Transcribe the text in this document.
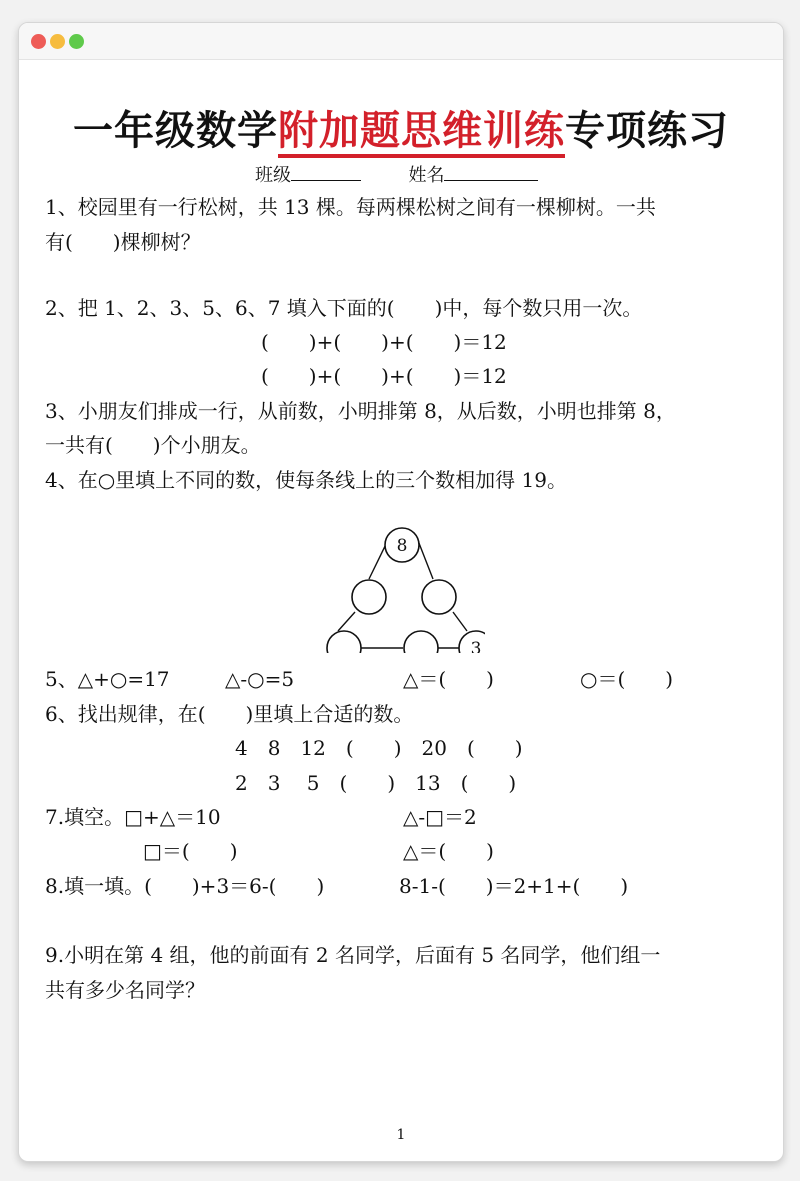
一年级数学附加题思维训练专项练习
班级	姓名
1、校园里有一行松树，共 13 棵。每两棵松树之间有一棵柳树。一共
有(　　)棵柳树？
2、把 1、2、3、5、6、7 填入下面的(　　)中，每个数只用一次。
(　　)+(　　)+(　　)＝12
(　　)+(　　)+(　　)＝12
3、小朋友们排成一行，从前数，小明排第 8，从后数，小明也排第 8，
一共有(　　)个小朋友。
4、在○里填上不同的数，使每条线上的三个数相加得 19。
8
3
5、△+○=17	△-○=5	△＝(　　)	○＝(　　)
6、找出规律，在(　　)里填上合适的数。
4　8　12　(　　)　20　(　　)
2　3　 5　(　　)　13　(　　)
7.填空。□+△＝10	△-□＝2
□＝(　　)	△＝(　　)
8.填一填。(　　)+3＝6-(　　)	8-1-(　　)＝2+1+(　　)
9.小明在第 4 组，他的前面有 2 名同学，后面有 5 名同学，他们组一
共有多少名同学？
1
